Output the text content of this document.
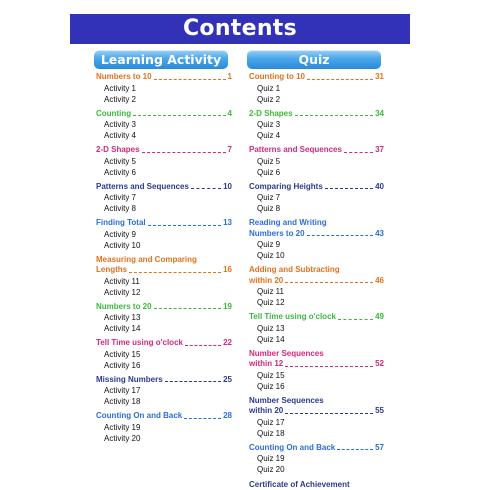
Contents
Learning Activity	Quiz
Numbers to 10	1
Activity 1
Activity 2
Counting	4
Activity 3
Activity 4
2-D Shapes	7
Activity 5
Activity 6
Patterns and Sequences	10
Activity 7
Activity 8
Finding Total	13
Activity 9
Activity 10
Measuring and Comparing
Lengths	16
Activity 11
Activity 12
Numbers to 20	19
Activity 13
Activity 14
Tell Time using o'clock	22
Activity 15
Activity 16
Missing Numbers	25
Activity 17
Activity 18
Counting On and Back	28
Activity 19
Activity 20
Counting to 10	31
Quiz 1
Quiz 2
2-D Shapes	34
Quiz 3
Quiz 4
Patterns and Sequences	37
Quiz 5
Quiz 6
Comparing Heights	40
Quiz 7
Quiz 8
Reading and Writing
Numbers to 20	43
Quiz 9
Quiz 10
Adding and Subtracting
within 20	46
Quiz 11
Quiz 12
Tell Time using o'clock	49
Quiz 13
Quiz 14
Number Sequences
within 12	52
Quiz 15
Quiz 16
Number Sequences
within 20	55
Quiz 17
Quiz 18
Counting On and Back	57
Quiz 19
Quiz 20
Certificate of Achievement
